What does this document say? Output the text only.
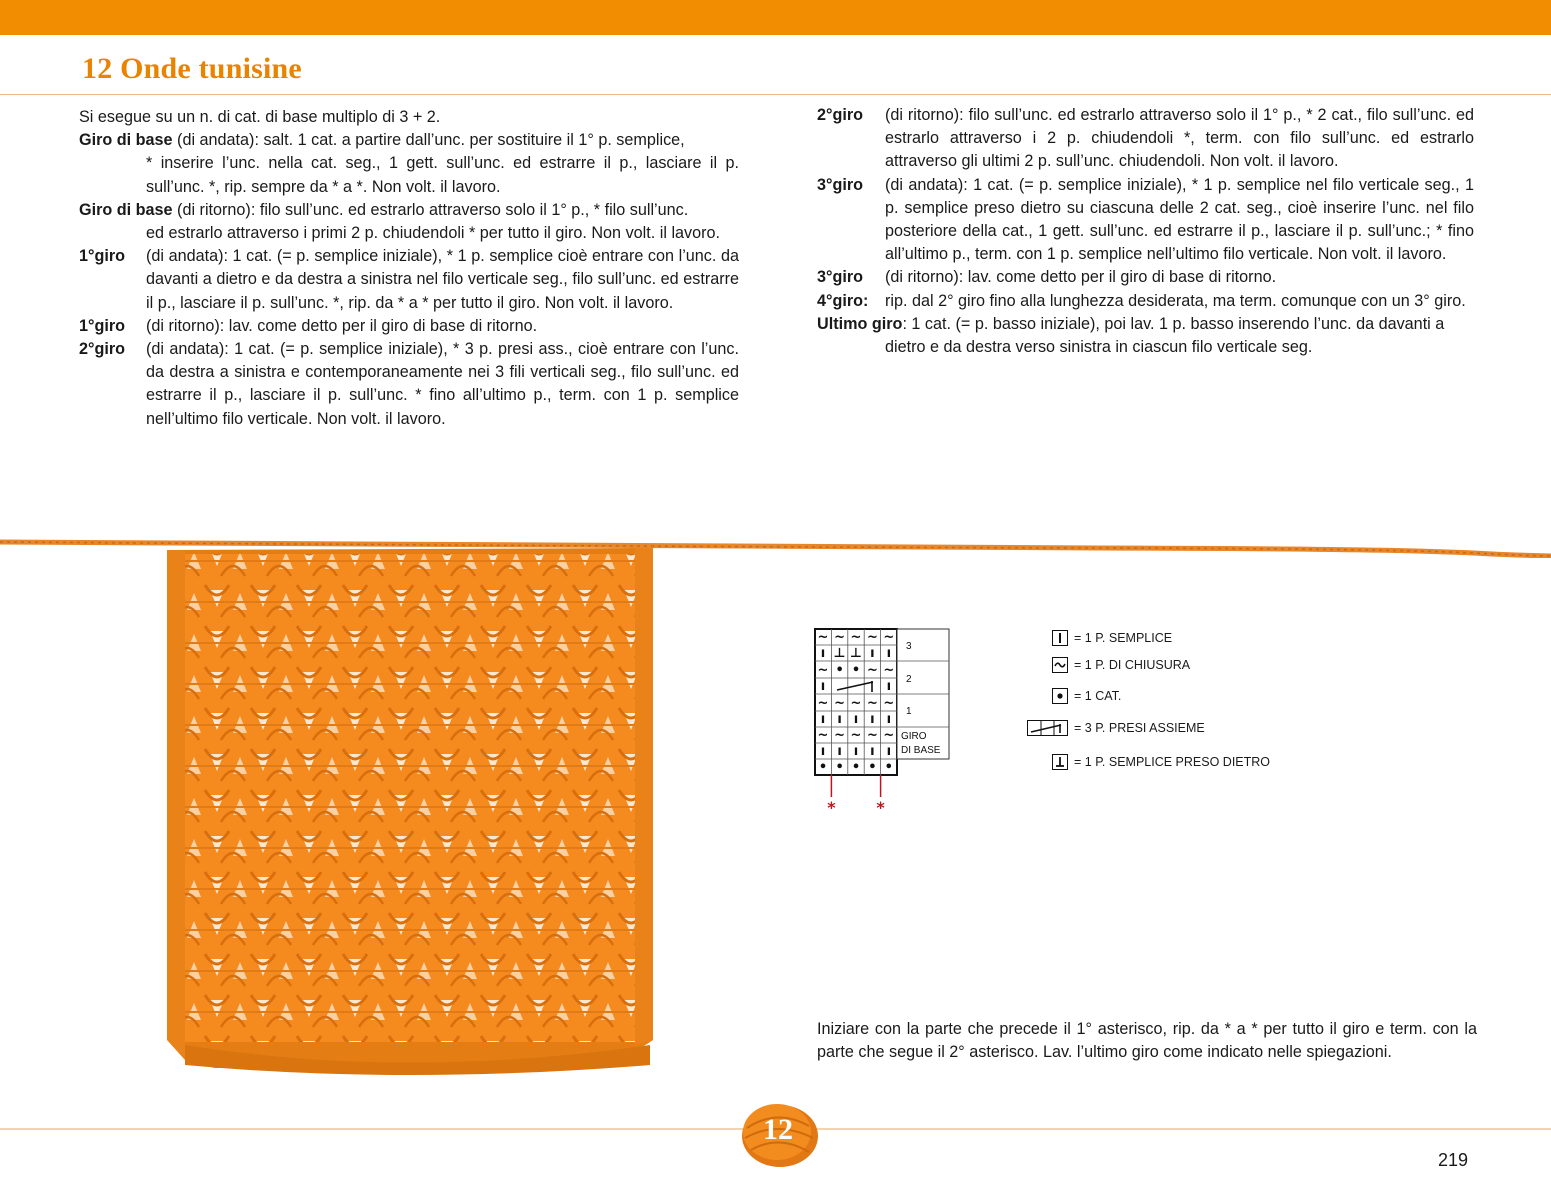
12 Onde tunisine

Si esegue su un n. di cat. di base multiplo di 3 + 2.

Giro di base (di andata): salt. 1 cat. a partire dall’unc. per sostituire il 1° p. semplice,
* inserire l’unc. nella cat. seg., 1 gett. sull’unc. ed estrarre il p., lasciare il p. sull’unc. *, rip. sempre da * a *. Non volt. il lavoro.
Giro di base (di ritorno): filo sull’unc. ed estrarlo attraverso solo il 1° p., * filo sull’unc.
ed estrarlo attraverso i primi 2 p. chiudendoli * per tutto il giro. Non volt. il lavoro.
1°giro	(di andata): 1 cat. (= p. semplice iniziale), * 1 p. semplice cioè entrare con l’unc. da davanti a dietro e da destra a sinistra nel filo verticale seg., filo sull’unc. ed estrarre il p., lasciare il p. sull’unc. *, rip. da * a * per tutto il giro. Non volt. il lavoro.
1°giro	(di ritorno): lav. come detto per il giro di base di ritorno.
2°giro	(di andata): 1 cat. (= p. semplice iniziale), * 3 p. presi ass., cioè entrare con l’unc. da destra a sinistra e contemporaneamente nei 3 fili verticali seg., filo sull’unc. ed estrarre il p., lasciare il p. sull’unc. * fino all’ultimo p., term. con 1 p. semplice nell’ultimo filo verticale. Non volt. il lavoro.
2°giro	(di ritorno): filo sull’unc. ed estrarlo attraverso solo il 1° p., * 2 cat., filo sull’unc. ed estrarlo attraverso i 2 p. chiudendoli *, term. con filo sull’unc. ed estrarlo attraverso gli ultimi 2 p. sull’unc. chiudendoli. Non volt. il lavoro.
3°giro	(di andata): 1 cat. (= p. semplice iniziale), * 1 p. semplice nel filo verticale seg., 1 p. semplice preso dietro su ciascuna delle 2 cat. seg., cioè inserire l’unc. nel filo posteriore della cat., 1 gett. sull’unc. ed estrarre il p., lasciare il p. sull’unc.; * fino all’ultimo p., term. con 1 p. semplice nell’ultimo filo verticale. Non volt. il lavoro.
3°giro	(di ritorno): lav. come detto per il giro di base di ritorno.
4°giro:	rip. dal 2° giro fino alla lunghezza desiderata, ma term. comunque con un 3° giro.
Ultimo giro: 1 cat. (= p. basso iniziale), poi lav. 1 p. basso inserendo l’unc. da davanti a
dietro e da destra verso sinistra in ciascun filo verticale seg.
~ ~ ~ ~ ~
ı ⊥ ⊥ ı ı
~ • • ~ ~
ı	ı
~ ~ ~ ~ ~
ı ı ı ı ı
~ ~ ~ ~ ~
ı ı ı ı ı
• • • • •
3
2
1
GIRO
DI BASE
*	*
= 1 P. SEMPLICE
= 1 P. DI CHIUSURA
= 1 CAT.
= 3 P. PRESI ASSIEME
= 1 P. SEMPLICE PRESO DIETRO
Iniziare con la parte che precede il 1° asterisco, rip. da * a * per tutto il giro e term. con la parte che segue il 2° asterisco. Lav. l’ultimo giro come indicato nelle spiegazioni.
12
219
